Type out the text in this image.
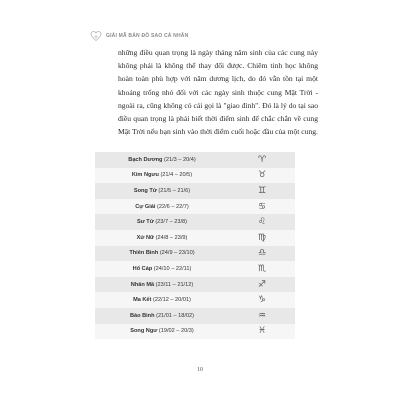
GIẢI MÃ BẢN ĐỒ SAO CÁ NHÂN

những điều quan trọng là ngày tháng năm sinh của các cung này không phải là không thể thay đổi được. Chiêm tinh học không hoàn toàn phù hợp với năm dương lịch, do đó vẫn tồn tại một khoảng trống nhỏ đối với các ngày sinh thuộc cung Mặt Trời - ngoài ra, cũng không có cái gọi là "giao đỉnh". Đó là lý do tại sao điều quan trọng là phải biết thời điểm sinh để chắc chắn về cung Mặt Trời nếu bạn sinh vào thời điểm cuối hoặc đầu của một cung.

Bạch Dương (21/3 – 20/4)	♈︎
Kim Ngưu (21/4 – 20/5)	♉︎
Song Tử (21/5 – 21/6)	♊︎
Cự Giải (22/6 – 22/7)	♋︎
Sư Tử (23/7 – 23/8)	♌︎
Xử Nữ (24/8 – 23/9)	♍︎
Thiên Bình (24/9 – 23/10)	♎︎
Hổ Cáp (24/10 – 22/11)	♏︎
Nhân Mã (23/11 – 21/12)	♐︎
Ma Kết (22/12 – 20/01)	♑︎
Bảo Bình (21/01 – 18/02)	♒︎
Song Ngư (19/02 – 20/3)	♓︎
10
